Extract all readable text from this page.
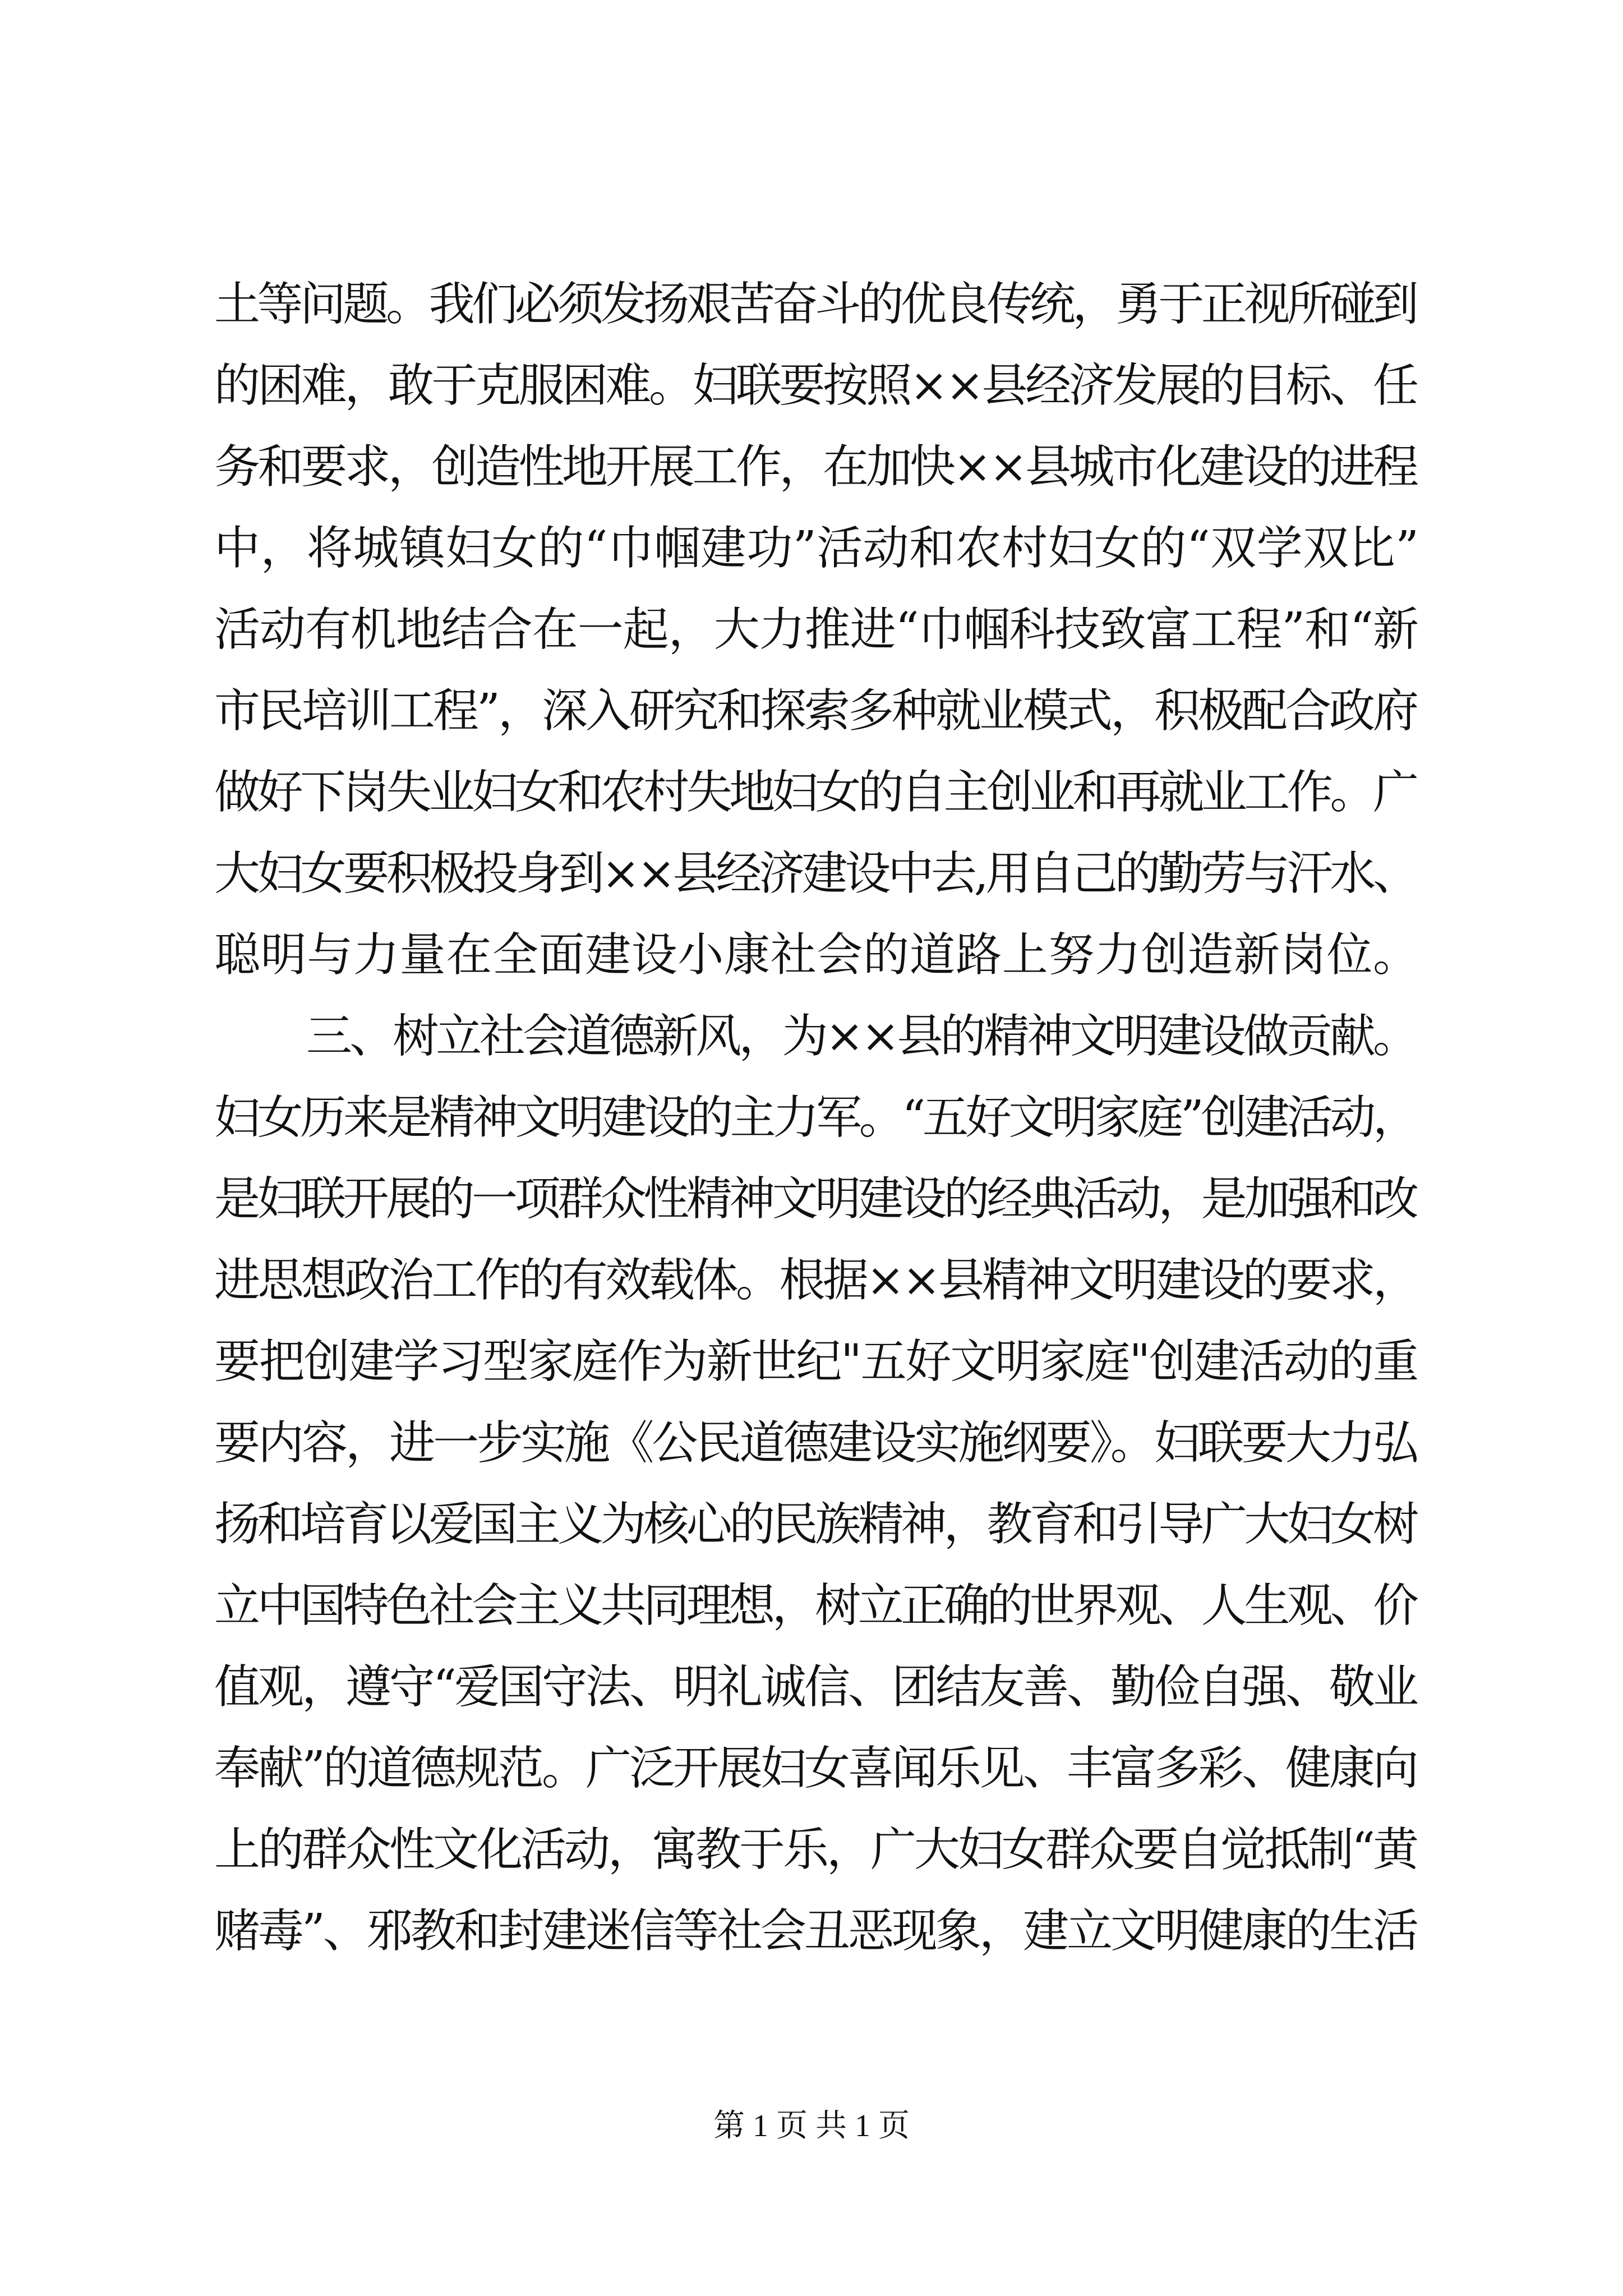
土等问题。我们必须发扬艰苦奋斗的优良传统，勇于正视所碰到
的困难，敢于克服困难。妇联要按照××县经济发展的目标、任
务和要求，创造性地开展工作，在加快××县城市化建设的进程
中，将城镇妇女的“巾帼建功”活动和农村妇女的“双学双比”
活动有机地结合在一起，大力推进“巾帼科技致富工程”和“新
市民培训工程”，深入研究和探索多种就业模式，积极配合政府
做好下岗失业妇女和农村失地妇女的自主创业和再就业工作。广
大妇女要积极投身到××县经济建设中去,用自己的勤劳与汗水、
聪明与力量在全面建设小康社会的道路上努力创造新岗位。
三、树立社会道德新风，为××县的精神文明建设做贡献。
妇女历来是精神文明建设的主力军。“五好文明家庭”创建活动，
是妇联开展的一项群众性精神文明建设的经典活动，是加强和改
进思想政治工作的有效载体。根据××县精神文明建设的要求，
要把创建学习型家庭作为新世纪"五好文明家庭"创建活动的重
要内容，进一步实施《公民道德建设实施纲要》。妇联要大力弘
扬和培育以爱国主义为核心的民族精神，教育和引导广大妇女树
立中国特色社会主义共同理想，树立正确的世界观、人生观、价
值观，遵守“爱国守法、明礼诚信、团结友善、勤俭自强、敬业
奉献”的道德规范。广泛开展妇女喜闻乐见、丰富多彩、健康向
上的群众性文化活动，寓教于乐，广大妇女群众要自觉抵制“黄
赌毒”、邪教和封建迷信等社会丑恶现象，建立文明健康的生活
第 1 页 共 1 页
